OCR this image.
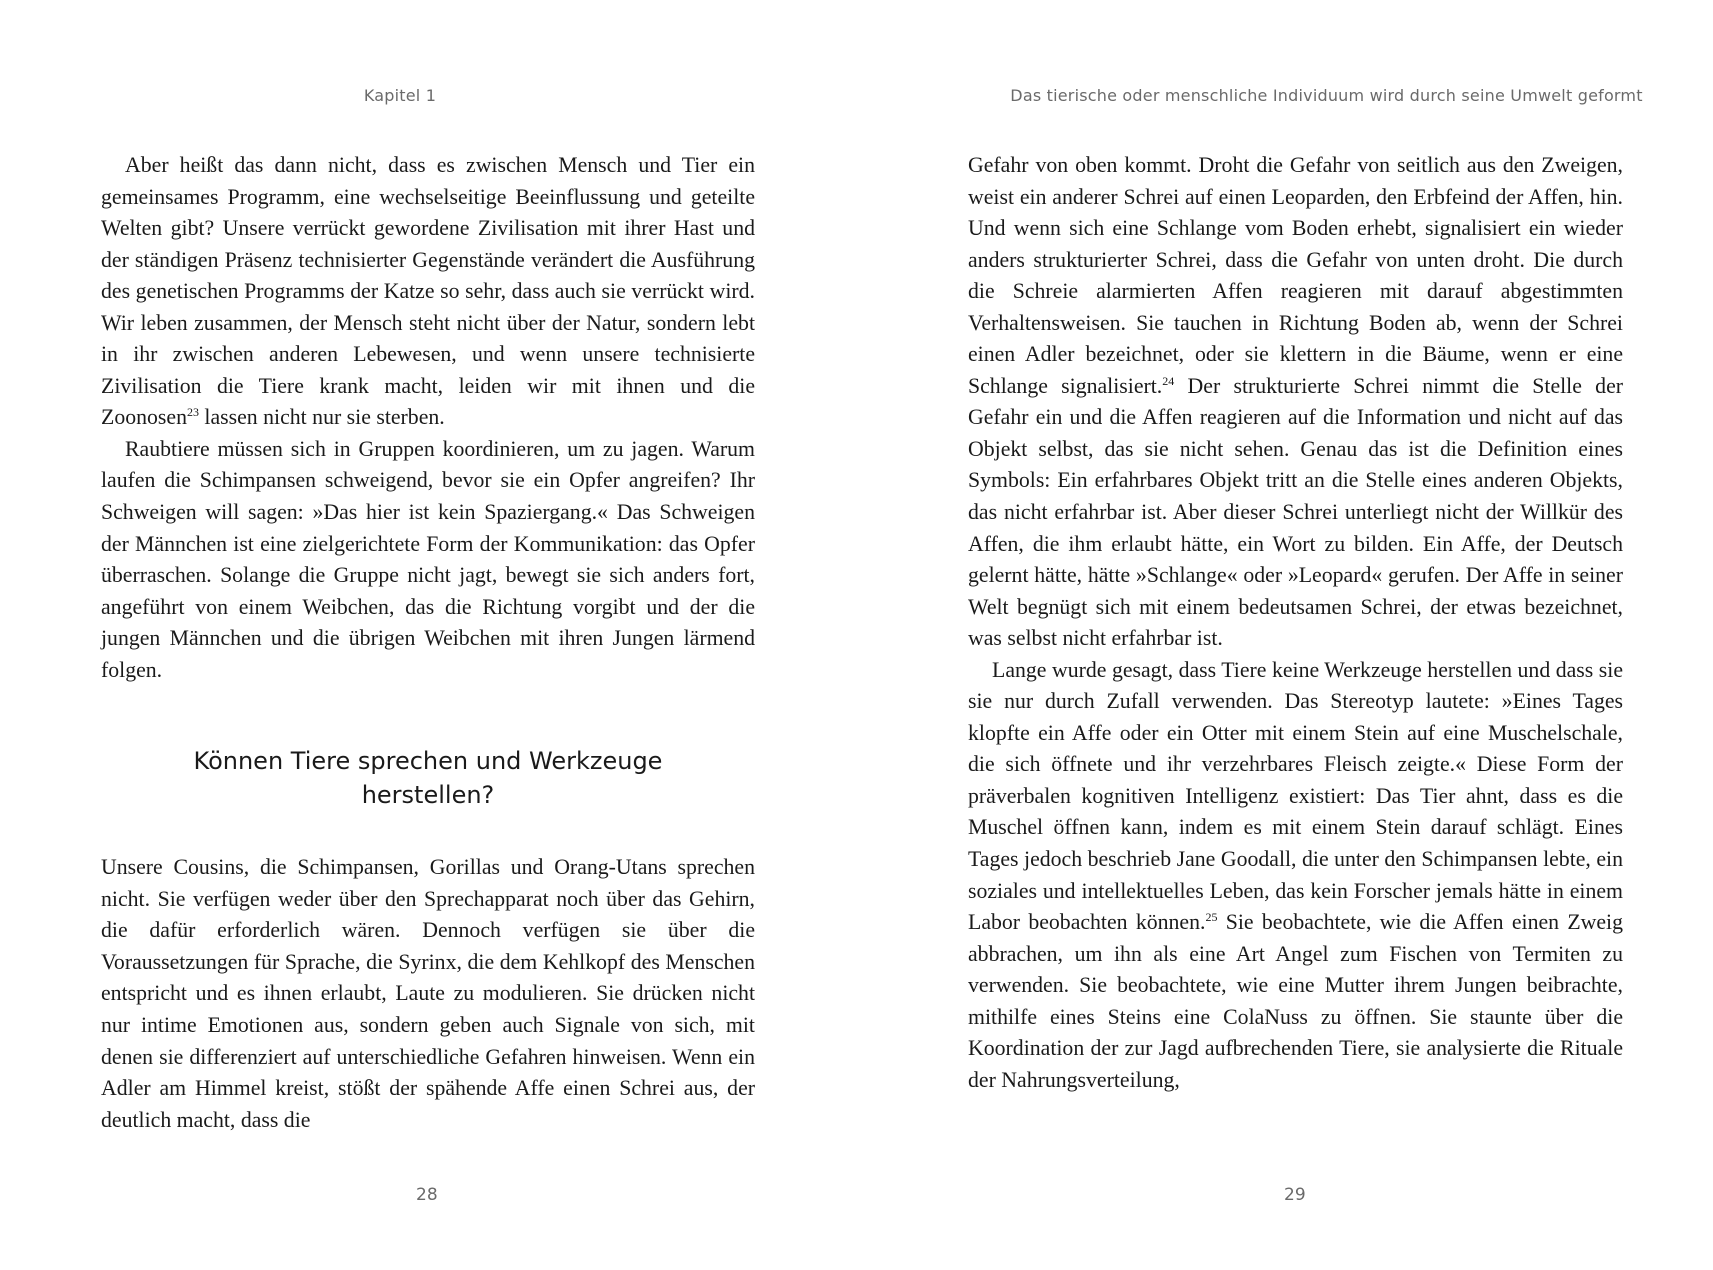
Kapitel 1

Aber heißt das dann nicht, dass es zwischen Mensch und Tier ein gemeinsames Programm, eine wechselseitige Beeinflussung und geteilte Welten gibt? Unsere verrückt gewordene Zivilisation mit ihrer Hast und der ständigen Präsenz technisierter Gegenstände verändert die Ausführung des genetischen Programms der Katze so sehr, dass auch sie verrückt wird. Wir leben zusammen, der Mensch steht nicht über der Natur, sondern lebt in ihr zwischen anderen Lebewesen, und wenn unsere technisierte Zivilisation die Tiere krank macht, leiden wir mit ihnen und die Zoonosen$^{23}$ lassen nicht nur sie sterben.

Raubtiere müssen sich in Gruppen koordinieren, um zu jagen. Warum laufen die Schimpansen schweigend, bevor sie ein Opfer angreifen? Ihr Schweigen will sagen: »Das hier ist kein Spaziergang.« Das Schweigen der Männchen ist eine zielgerichtete Form der Kommunikation: das Opfer überraschen. Solange die Gruppe nicht jagt, bewegt sie sich anders fort, angeführt von einem Weibchen, das die Richtung vorgibt und der die jungen Männchen und die übrigen Weibchen mit ihren Jungen lärmend folgen.

Können Tiere sprechen und Werkzeuge
herstellen?

Unsere Cousins, die Schimpansen, Gorillas und Orang-Utans sprechen nicht. Sie verfügen weder über den Sprechapparat noch über das Gehirn, die dafür erforderlich wären. Dennoch verfügen sie über die Voraussetzungen für Sprache, die Syrinx, die dem Kehlkopf des Menschen entspricht und es ihnen erlaubt, Laute zu modulieren. Sie drücken nicht nur intime Emotionen aus, sondern geben auch Signale von sich, mit denen sie differenziert auf unterschiedliche Gefahren hinweisen. Wenn ein Adler am Himmel kreist, stößt der spähende Affe einen Schrei aus, der deutlich macht, dass die

28
Das tierische oder menschliche Individuum wird durch seine Umwelt geformt

Gefahr von oben kommt. Droht die Gefahr von seitlich aus den Zweigen, weist ein anderer Schrei auf einen Leoparden, den Erbfeind der Affen, hin. Und wenn sich eine Schlange vom Boden erhebt, signalisiert ein wieder anders strukturierter Schrei, dass die Gefahr von unten droht. Die durch die Schreie alarmierten Affen reagieren mit darauf abgestimmten Verhaltensweisen. Sie tauchen in Richtung Boden ab, wenn der Schrei einen Adler bezeichnet, oder sie klettern in die Bäume, wenn er eine Schlange signalisiert.$^{24}$ Der strukturierte Schrei nimmt die Stelle der Gefahr ein und die Affen reagieren auf die Information und nicht auf das Objekt selbst, das sie nicht sehen. Genau das ist die Definition eines Symbols: Ein erfahrbares Objekt tritt an die Stelle eines anderen Objekts, das nicht erfahrbar ist. Aber dieser Schrei unterliegt nicht der Willkür des Affen, die ihm erlaubt hätte, ein Wort zu bilden. Ein Affe, der Deutsch gelernt hätte, hätte »Schlange« oder »Leopard« gerufen. Der Affe in seiner Welt begnügt sich mit einem bedeutsamen Schrei, der etwas bezeichnet, was selbst nicht erfahrbar ist.

Lange wurde gesagt, dass Tiere keine Werkzeuge herstellen und dass sie sie nur durch Zufall verwenden. Das Stereotyp lautete: »Eines Tages klopfte ein Affe oder ein Otter mit einem Stein auf eine Muschelschale, die sich öffnete und ihr verzehrbares Fleisch zeigte.« Diese Form der präverbalen kognitiven Intelligenz existiert: Das Tier ahnt, dass es die Muschel öffnen kann, indem es mit einem Stein darauf schlägt. Eines Tages jedoch beschrieb Jane Goodall, die unter den Schimpansen lebte, ein soziales und intellektuelles Leben, das kein Forscher jemals hätte in einem Labor beobachten können.$^{25}$ Sie beobachtete, wie die Affen einen Zweig abbrachen, um ihn als eine Art Angel zum Fischen von Termiten zu verwenden. Sie beobachtete, wie eine Mutter ihrem Jungen beibrachte, mithilfe eines Steins eine ColaNuss zu öffnen. Sie staunte über die Koordination der zur Jagd aufbrechenden Tiere, sie analysierte die Rituale der Nahrungsverteilung,

29
